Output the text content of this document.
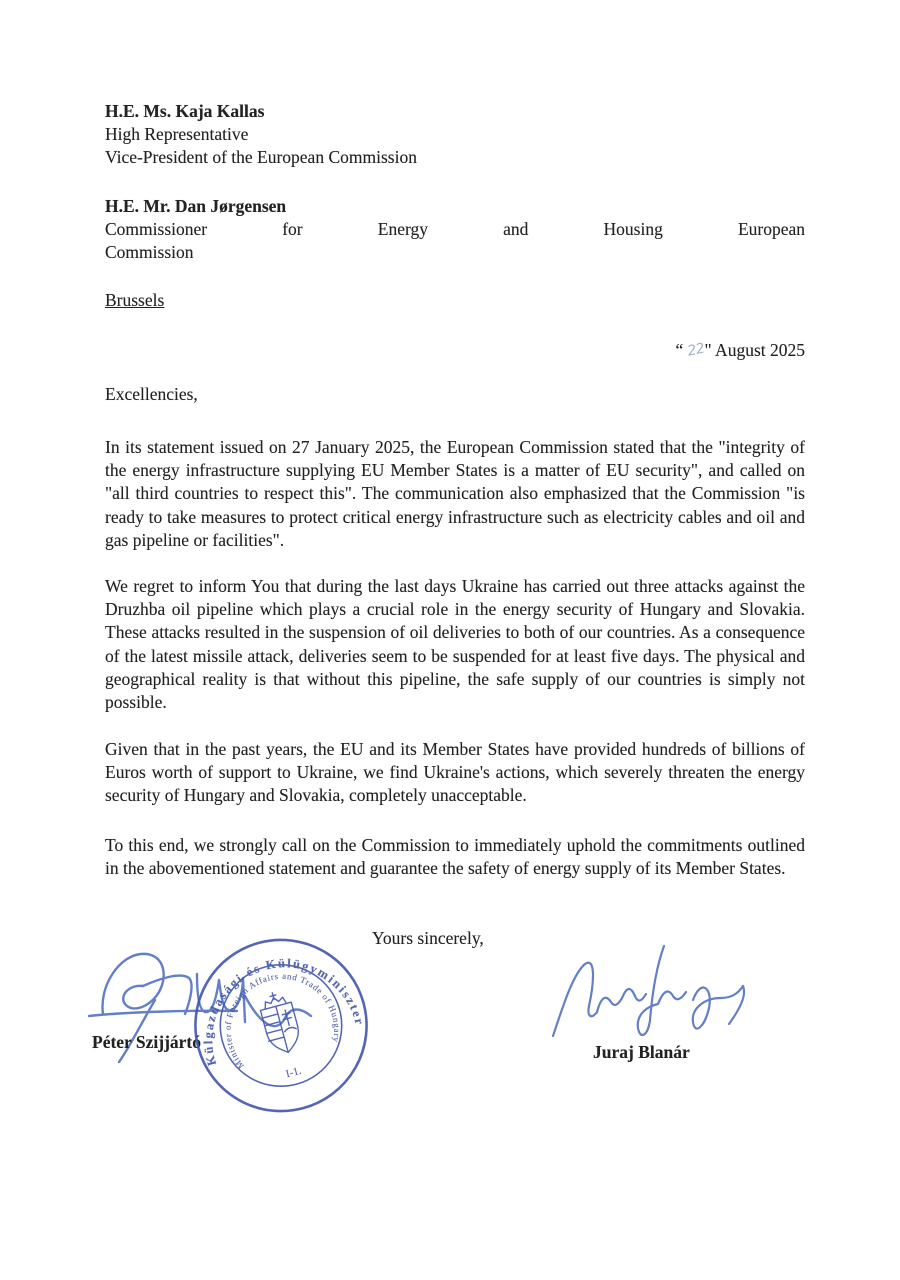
H.E. Ms. Kaja Kallas
High Representative
Vice-President of the European Commission
H.E. Mr. Dan Jørgensen
Commissioner for Energy and Housing European
Commission
Brussels
“ 22" August 2025
Excellencies,
In its statement issued on 27 January 2025, the European Commission stated that the "integrity of the energy infrastructure supplying EU Member States is a matter of EU security", and called on "all third countries to respect this". The communication also emphasized that the Commission "is ready to take measures to protect critical energy infrastructure such as electricity cables and oil and gas pipeline or facilities".
We regret to inform You that during the last days Ukraine has carried out three attacks against the Druzhba oil pipeline which plays a crucial role in the energy security of Hungary and Slovakia. These attacks resulted in the suspension of oil deliveries to both of our countries. As a consequence of the latest missile attack, deliveries seem to be suspended for at least five days. The physical and geographical reality is that without this pipeline, the safe supply of our countries is simply not possible.
Given that in the past years, the EU and its Member States have provided hundreds of billions of Euros worth of support to Ukraine, we find Ukraine's actions, which severely threaten the energy security of Hungary and Slovakia, completely unacceptable.
To this end, we strongly call on the Commission to immediately uphold the commitments outlined in the abovementioned statement and guarantee the safety of energy supply of its Member States.
Yours sincerely,
Péter Szijjártó	Juraj Blanár
Külgazdasági és Külügyminiszter
Minister of Foreign Affairs and Trade of Hungary
I-1.
